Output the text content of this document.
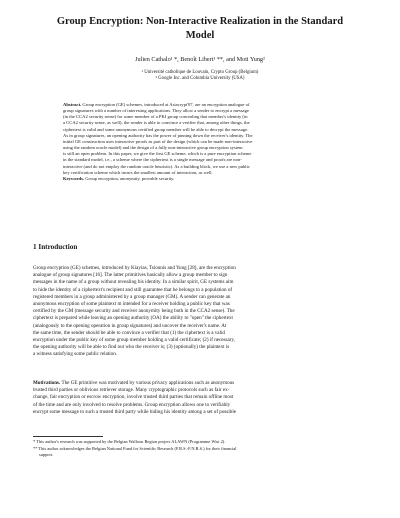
Group Encryption: Non-Interactive Realization in the Standard
Model
Julien Cathalo¹ *, Benoît Libert¹ **, and Moti Yung²
¹ Université catholique de Louvain, Crypto Group (Belgium)
² Google Inc. and Columbia University (USA)
Abstract. Group encryption (GE) schemes, introduced at Asiacrypt'07, are an encryption analogue of
group signatures with a number of interesting applications. They allow a sender to encrypt a message
(in the CCA2 security sense) for some member of a PKI group concealing that member's identity (in
a CCA2 security sense, as well); the sender is able to convince a verifier that, among other things, the
ciphertext is valid and some anonymous certified group member will be able to decrypt the message.
As in group signatures, an opening authority has the power of pinning down the receiver's identity. The
initial GE construction uses interactive proofs as part of the design (which can be made non-interactive
using the random oracle model) and the design of a fully non-interactive group encryption system
is still an open problem. In this paper, we give the first GE scheme, which is a pure encryption scheme
in the standard model, i.e., a scheme where the ciphertext is a single message and proofs are non-
interactive (and do not employ the random oracle heuristic). As a building block, we use a new public
key certification scheme which incurs the smallest amount of interaction, as well.
Keywords. Group encryption, anonymity, provable security.
1 Introduction
Group encryption (GE) schemes, introduced by Kiayias, Tsiounis and Yung [28], are the encryption
analogue of group signatures [16]. The latter primitives basically allow a group member to sign
messages in the name of a group without revealing his identity. In a similar spirit, GE systems aim
to hide the identity of a ciphertext's recipient and still guarantee that he belongs to a population of
registered members in a group administered by a group manager (GM). A sender can generate an
anonymous encryption of some plaintext m intended for a receiver holding a public key that was
certified by the GM (message security and receiver anonymity being both in the CCA2 sense). The
ciphertext is prepared while leaving an opening authority (OA) the ability to "open" the ciphertext
(analogously to the opening operation in group signatures) and uncover the receiver's name. At
the same time, the sender should be able to convince a verifier that (1) the ciphertext is a valid
encryption under the public key of some group member holding a valid certificate; (2) if necessary,
the opening authority will be able to find out who the receiver is; (3) (optionally) the plaintext is
a witness satisfying some public relation.
Motivations. The GE primitive was motivated by various privacy applications such as anonymous
trusted third parties or oblivious retriever storage. Many cryptographic protocols such as fair ex-
change, fair encryption or escrow encryption, involve trusted third parties that remain offline most
of the time and are only involved to resolve problems. Group encryption allows one to verifiably
encrypt some message to such a trusted third party while hiding his identity among a set of possible
* This author's research was supported by the Belgian Walloon Region project ALAWN (Programme Wist 2).
** This author acknowledges the Belgian National Fund for Scientific Research (F.R.S.-F.N.R.S.) for their financial
support.
